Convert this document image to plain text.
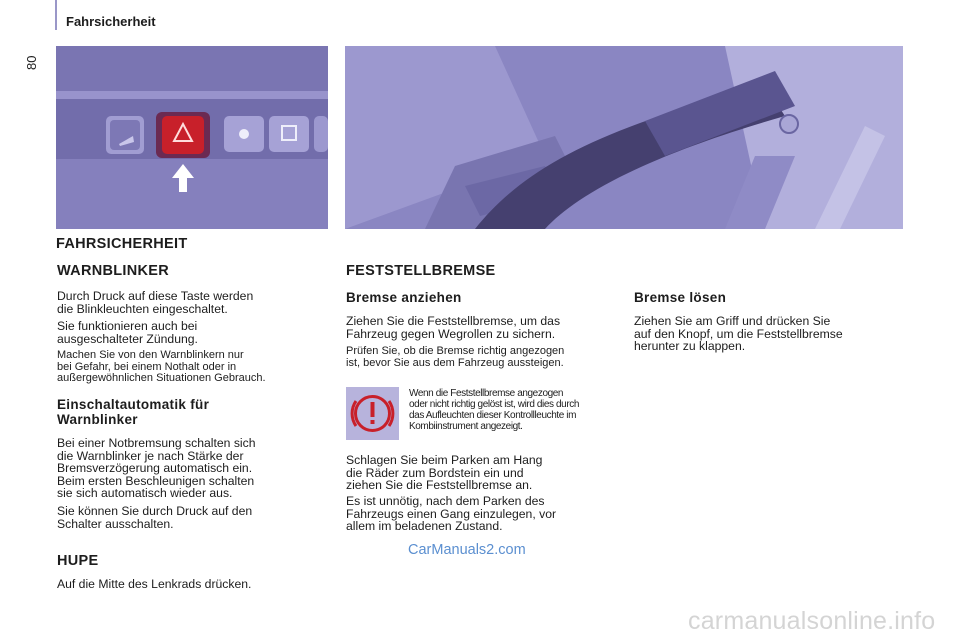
Fahrsicherheit
80
FAHRSICHERHEIT
WARNBLINKER
Durch Druck auf diese Taste werden
die Blinkleuchten eingeschaltet.
Sie funktionieren auch bei
ausgeschalteter Zündung.
Machen Sie von den Warnblinkern nur
bei Gefahr, bei einem Nothalt oder in
außergewöhnlichen Situationen Gebrauch.
Einschaltautomatik für
Warnblinker
Bei einer Notbremsung schalten sich
die Warnblinker je nach Stärke der
Bremsverzögerung automatisch ein.
Beim ersten Beschleunigen schalten
sie sich automatisch wieder aus.
Sie können Sie durch Druck auf den
Schalter ausschalten.
HUPE
Auf die Mitte des Lenkrads drücken.
FESTSTELLBREMSE
Bremse anziehen
Ziehen Sie die Feststellbremse, um das
Fahrzeug gegen Wegrollen zu sichern.
Prüfen Sie, ob die Bremse richtig angezogen
ist, bevor Sie aus dem Fahrzeug aussteigen.
Wenn die Feststellbremse angezogen
oder nicht richtig gelöst ist, wird dies durch
das Aufleuchten dieser Kontrollleuchte im
Kombiinstrument angezeigt.
Schlagen Sie beim Parken am Hang
die Räder zum Bordstein ein und
ziehen Sie die Feststellbremse an.
Es ist unnötig, nach dem Parken des
Fahrzeugs einen Gang einzulegen, vor
allem im beladenen Zustand.
Bremse lösen
Ziehen Sie am Griff und drücken Sie
auf den Knopf, um die Feststellbremse
herunter zu klappen.
CarManuals2.com
carmanualsonline.info
